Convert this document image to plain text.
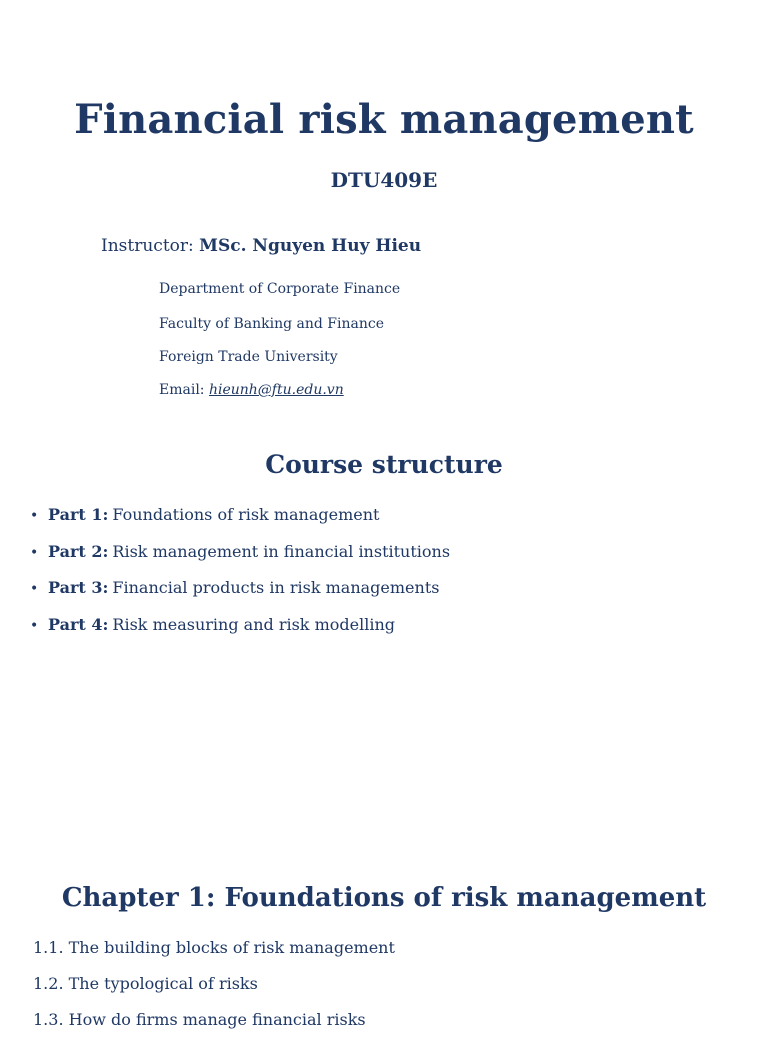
Financial risk management
DTU409E
Instructor: MSc. Nguyen Huy Hieu
Department of Corporate Finance
Faculty of Banking and Finance
Foreign Trade University
Email: hieunh@ftu.edu.vn
Course structure
• Part 1: Foundations of risk management
• Part 2: Risk management in financial institutions
• Part 3: Financial products in risk managements
• Part 4: Risk measuring and risk modelling
Chapter 1: Foundations of risk management
1.1. The building blocks of risk management
1.2. The typological of risks
1.3. How do firms manage financial risks
